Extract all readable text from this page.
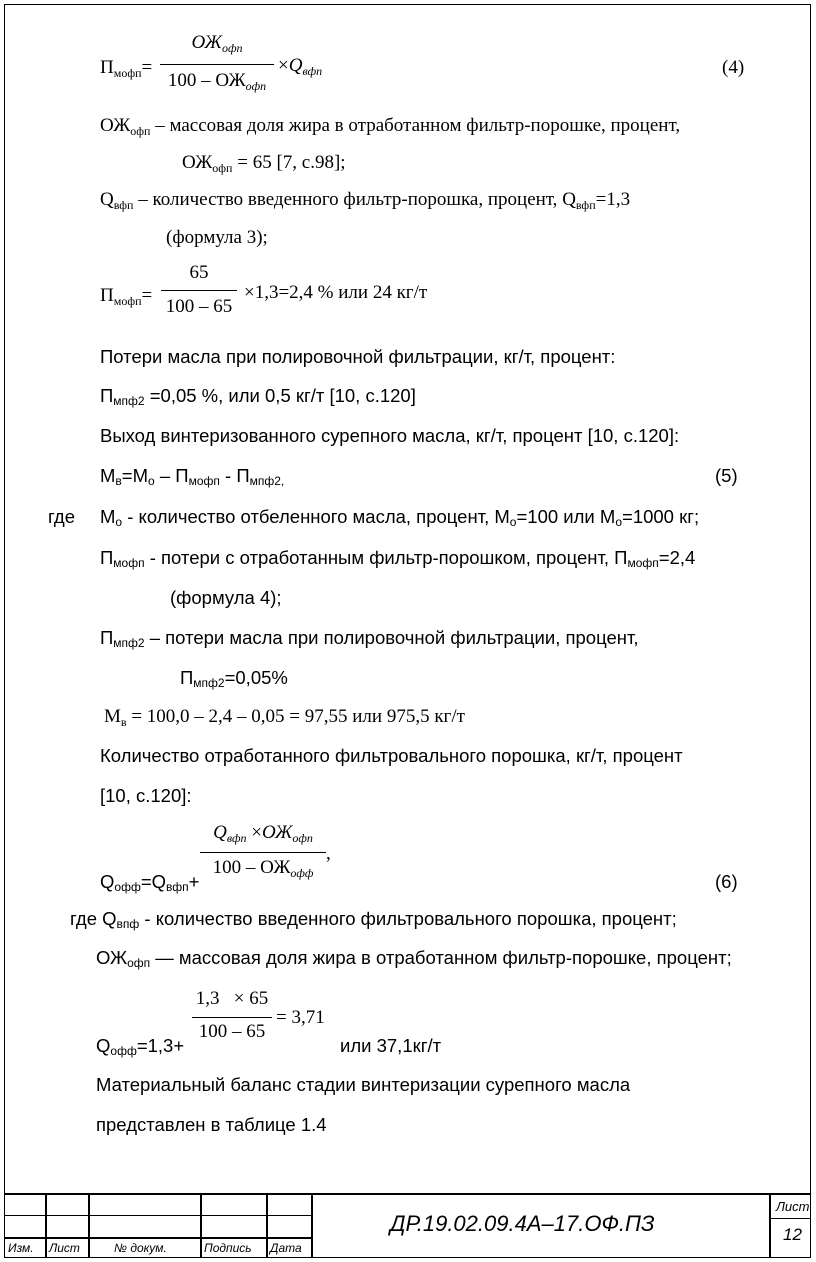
$П_{мофп}=$
$ОЖ_{офп}$
$100 - ОЖ_{офп}$
$\times Q_{вфп}$	(4)
$ОЖ_{офп}$ – массовая доля жира в отработанном фильтр-порошке, процент,
$ОЖ_{офп} = 65$ [7, с.98];
$Q_{вфп}$ – количество введенного фильтр-порошка, процент, $Q_{вфп}=1,3$
(формула 3);
$П_{мофп}=$
65
100 – 65
×1,3=2,4 % или 24 кг/т
Потери масла при полировочной фильтрации, кг/т, процент:
Пмпф2 =0,05 %, или 0,5 кг/т [10, с.120]
Выход винтеризованного сурепного масла, кг/т, процент [10, с.120]:
Мв=Мо – Пмофп - Пмпф2,	(5)
где Мо - количество отбеленного масла, процент, Мо=100 или Мо=1000 кг;
Пмофп - потери с отработанным фильтр-порошком, процент, Пмофп=2,4
(формула 4);
Пмпф2 – потери масла при полировочной фильтрации, процент,
Пмпф2=0,05%
$М_в = 100,0 - 2,4 - 0,05 = 97,55$ или 975,5 кг/т
Количество отработанного фильтровального порошка, кг/т, процент
[10, с.120]:
$Q_{вфп} \times ОЖ_{офп}$
$100 - ОЖ_{офф}$
,
Qофф=Qвфп+	(6)
где Qвпф - количество введенного фильтровального порошка, процент;
ОЖофп — массовая доля жира в отработанном фильтр-порошке, процент;
1,3   × 65
100 – 65
= 3,71
Qофф=1,3+	или 37,1кг/т
Материальный баланс стадии винтеризации сурепного масла
представлен в таблице 1.4
Изм. Лист	№ докум.	Подпись Дата
ДР.19.02.09.4А–17.ОФ.ПЗ
Лист
12
